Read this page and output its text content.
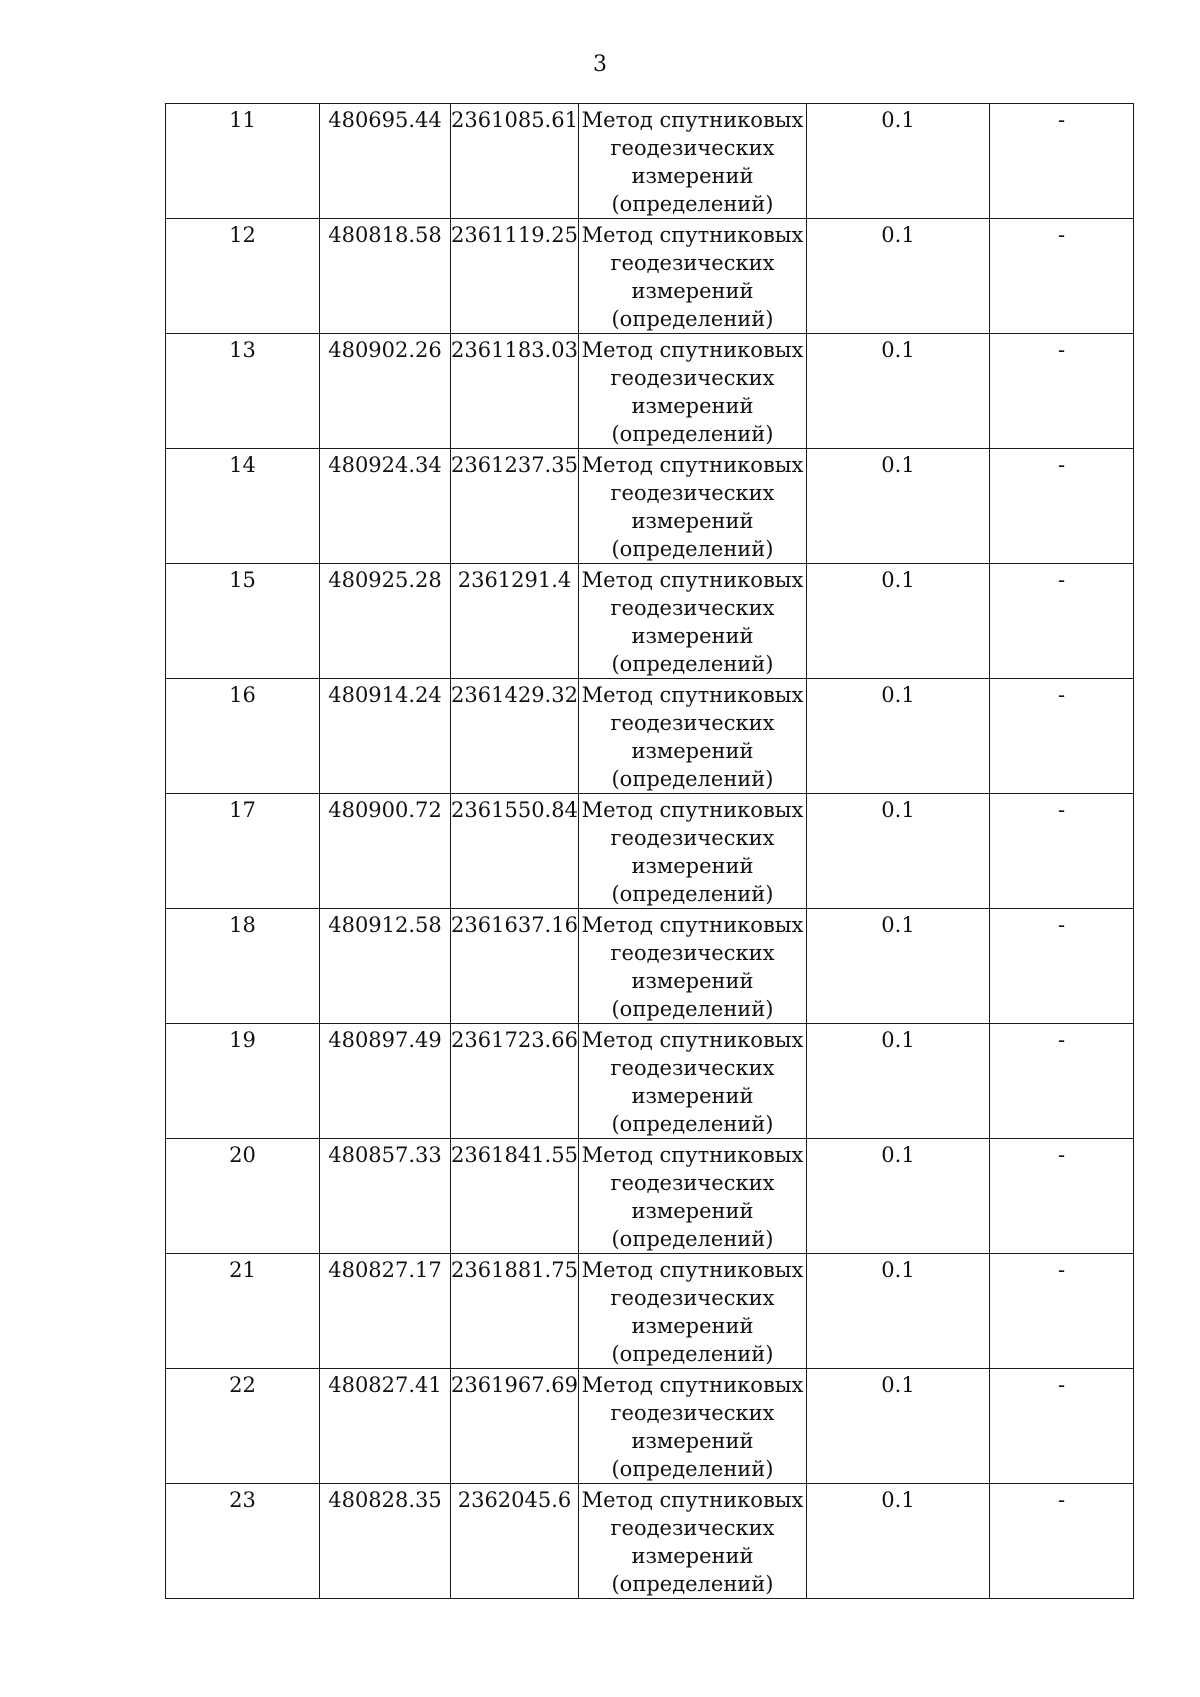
3
11	480695.44	2361085.61	Метод спутниковых
геодезических
измерений
(определений)	0.1	-

12	480818.58	2361119.25	Метод спутниковых
геодезических
измерений
(определений)	0.1	-

13	480902.26	2361183.03	Метод спутниковых
геодезических
измерений
(определений)	0.1	-

14	480924.34	2361237.35	Метод спутниковых
геодезических
измерений
(определений)	0.1	-

15	480925.28	2361291.4	Метод спутниковых
геодезических
измерений
(определений)	0.1	-

16	480914.24	2361429.32	Метод спутниковых
геодезических
измерений
(определений)	0.1	-

17	480900.72	2361550.84	Метод спутниковых
геодезических
измерений
(определений)	0.1	-

18	480912.58	2361637.16	Метод спутниковых
геодезических
измерений
(определений)	0.1	-

19	480897.49	2361723.66	Метод спутниковых
геодезических
измерений
(определений)	0.1	-

20	480857.33	2361841.55	Метод спутниковых
геодезических
измерений
(определений)	0.1	-

21	480827.17	2361881.75	Метод спутниковых
геодезических
измерений
(определений)	0.1	-

22	480827.41	2361967.69	Метод спутниковых
геодезических
измерений
(определений)	0.1	-

23	480828.35	2362045.6	Метод спутниковых
геодезических
измерений
(определений)	0.1	-
